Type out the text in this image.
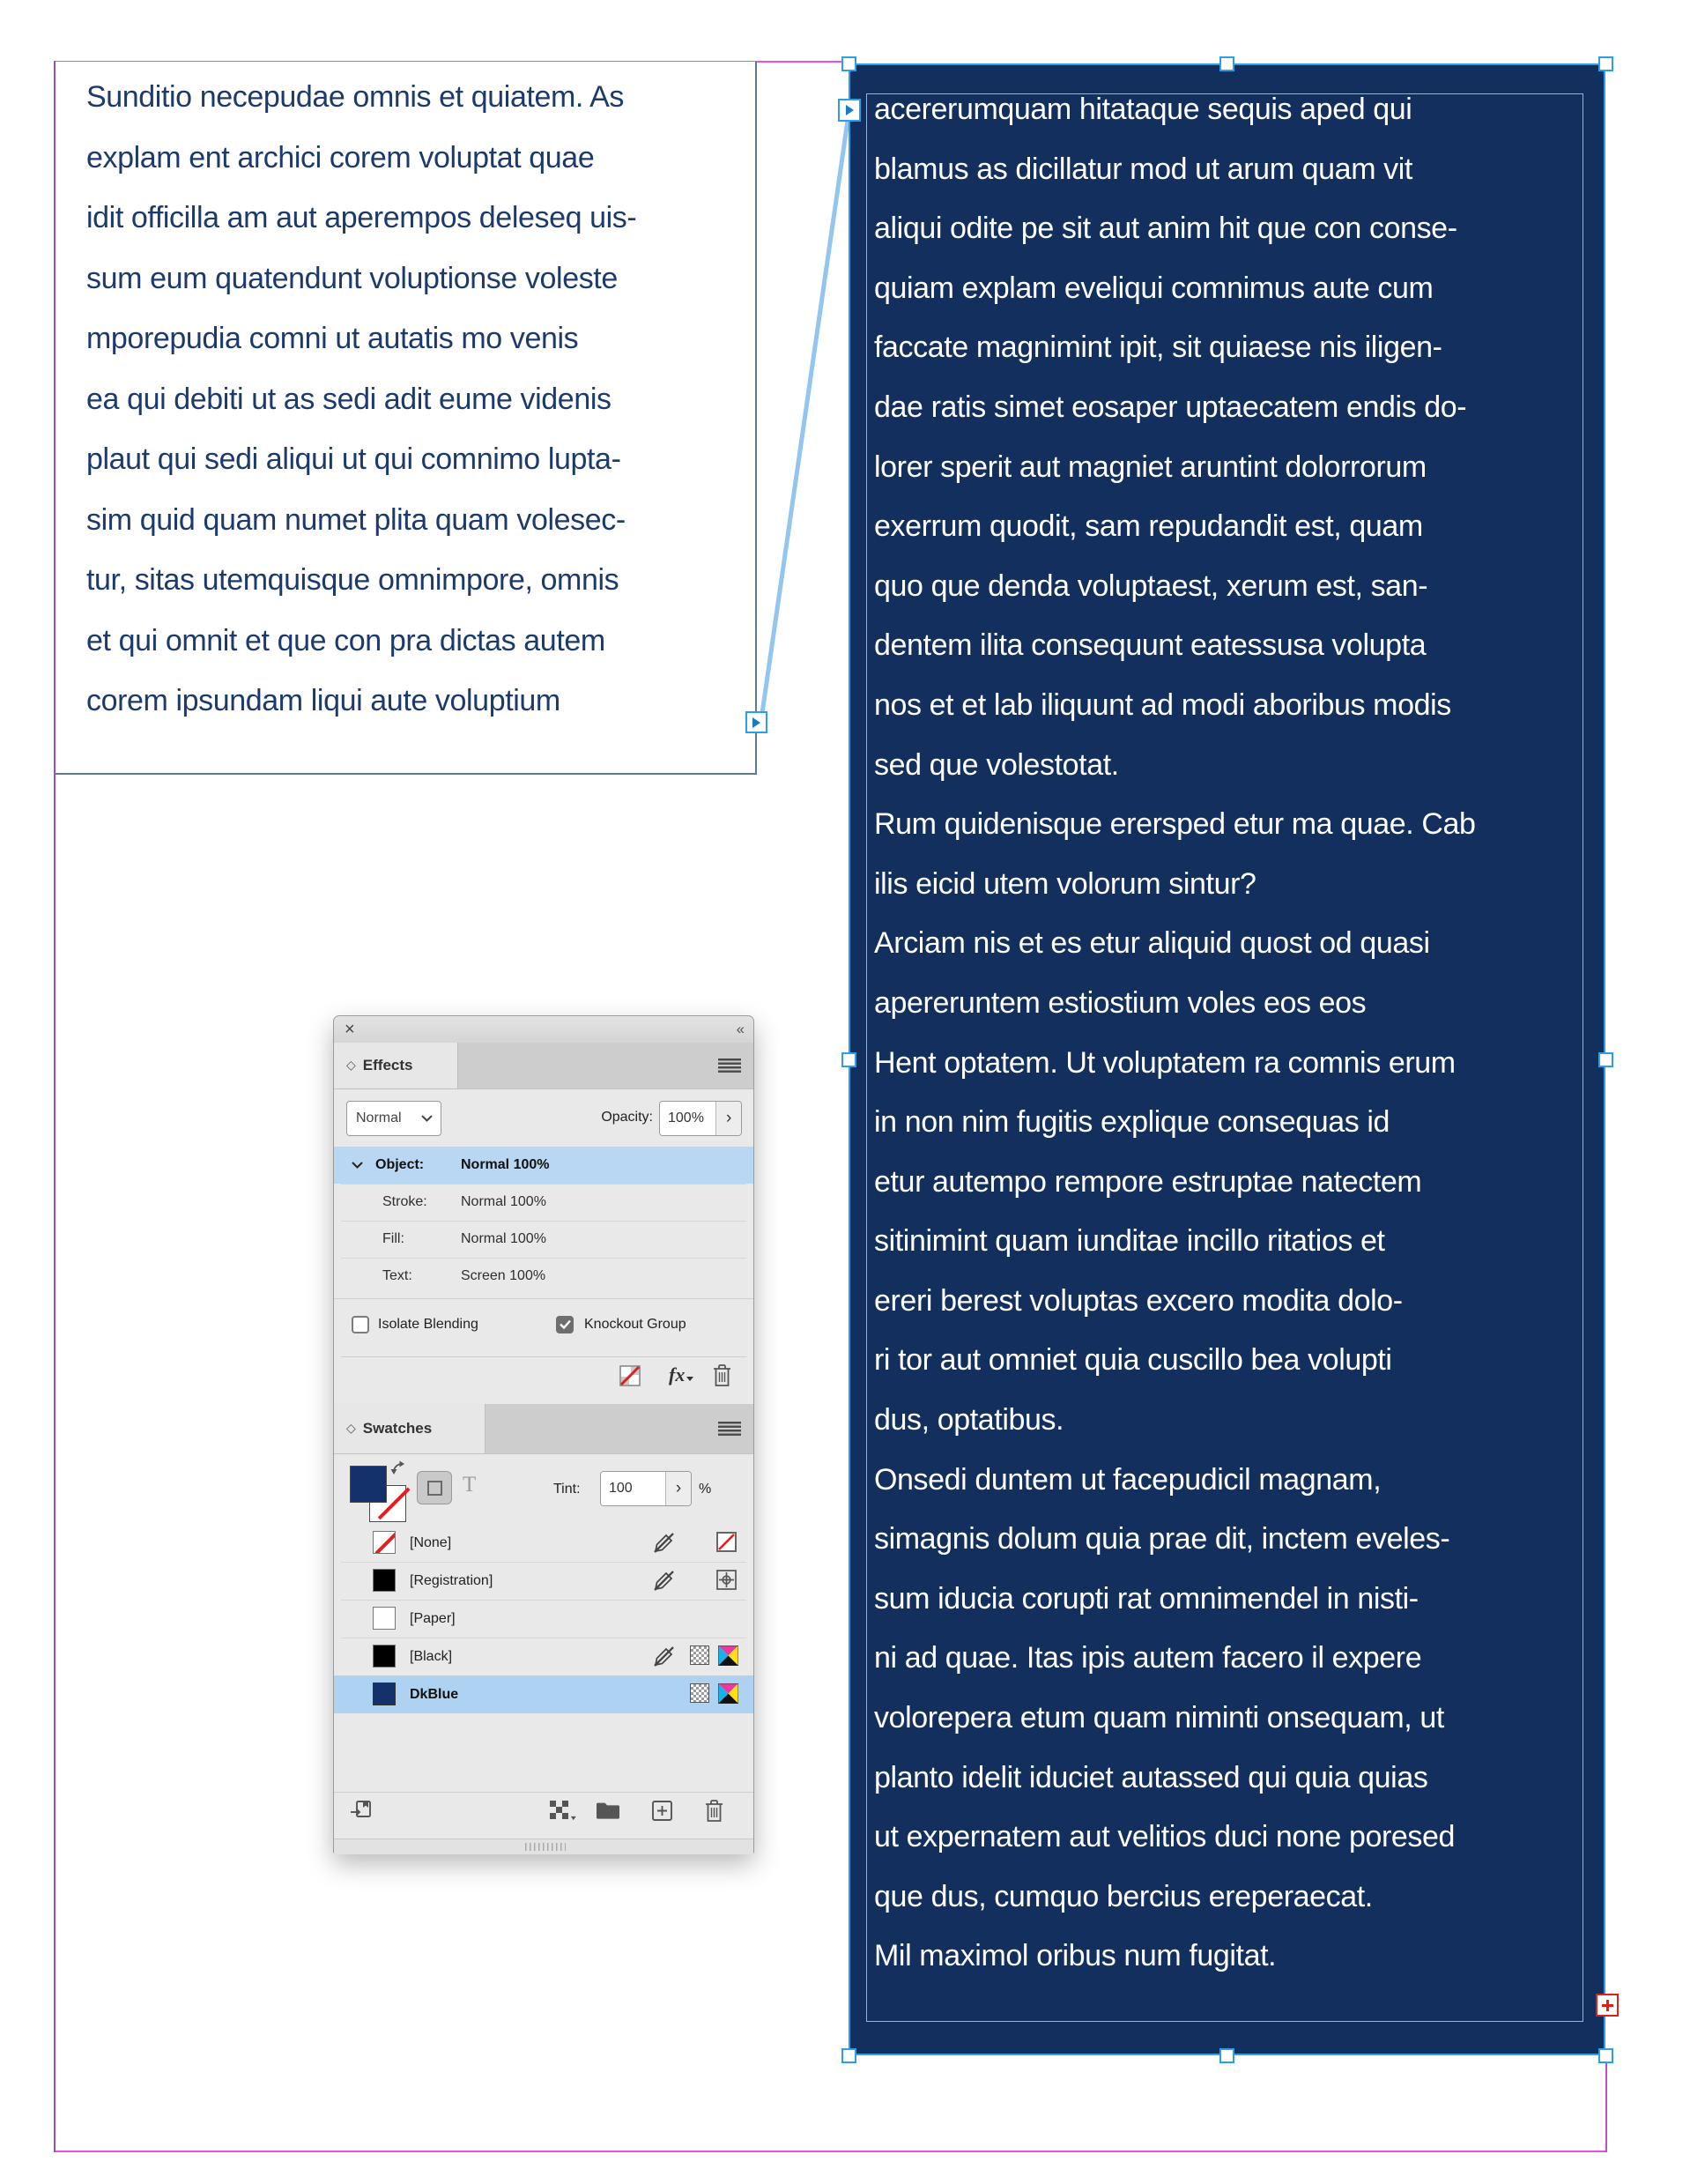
Sunditio necepudae omnis et quiatem. As
explam ent archici corem voluptat quae
idit officilla am aut aperempos deleseq uis-
sum eum quatendunt voluptionse voleste
mporepudia comni ut autatis mo venis
ea qui debiti ut as sedi adit eume videnis
plaut qui sedi aliqui ut qui comnimo lupta-
sim quid quam numet plita quam volesec-
tur, sitas utemquisque omnimpore, omnis
et qui omnit et que con pra dictas autem
corem ipsundam liqui aute voluptium
acererumquam hitataque sequis aped qui
blamus as dicillatur mod ut arum quam vit
aliqui odite pe sit aut anim hit que con conse-
quiam explam eveliqui comnimus aute cum
faccate magnimint ipit, sit quiaese nis iligen-
dae ratis simet eosaper uptaecatem endis do-
lorer sperit aut magniet aruntint dolorrorum
exerrum quodit, sam repudandit est, quam
quo que denda voluptaest, xerum est, san-
dentem ilita consequunt eatessusa volupta
nos et et lab iliquunt ad modi aboribus modis
sed que volestotat.
Rum quidenisque erersped etur ma quae. Cab
ilis eicid utem volorum sintur?
Arciam nis et es etur aliquid quost od quasi
apereruntem estiostium voles eos eos
Hent optatem. Ut voluptatem ra comnis erum
in non nim fugitis explique consequas id
etur autempo rempore estruptae natectem
sitinimint quam iunditae incillo ritatios et
ereri berest voluptas excero modita dolo-
ri tor aut omniet quia cuscillo bea volupti
dus, optatibus.
Onsedi duntem ut facepudicil magnam,
simagnis dolum quia prae dit, inctem eveles-
sum iducia corupti rat omnimendel in nisti-
ni ad quae. Itas ipis autem facero il expere
volorepera etum quam niminti onsequam, ut
planto idelit iduciet autassed qui quia quias
ut expernatem aut velitios duci none poresed
que dus, cumquo bercius ereperaecat.
Mil maximol oribus num fugitat.
×	‹‹
◇ Effects
Normal	Opacity:	100%	›
Object:	Normal 100%
Stroke: Normal 100%
Fill:	Normal 100%
Text:	Screen 100%
Isolate Blending	Knockout Group
fx
◇ Swatches
T	Tint:	100	›	%
[None]
[Registration]
[Paper]
[Black]
DkBlue
